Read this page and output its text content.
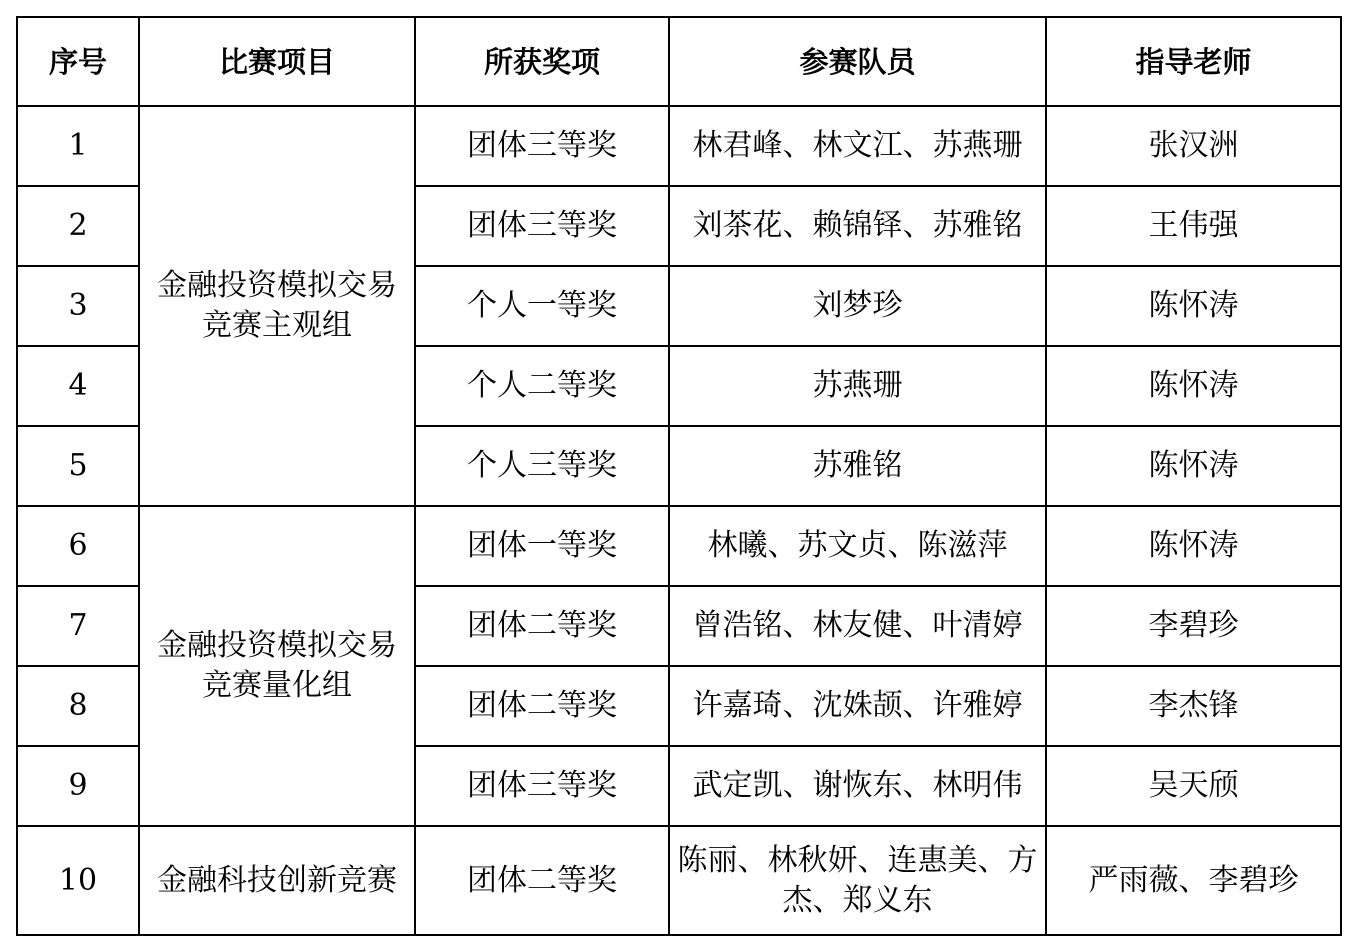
序号	比赛项目	所获奖项	参赛队员	指导老师
1	金融投资模拟交易竞赛主观组	团体三等奖	林君峰、林文江、苏燕珊	张汉洲
2		团体三等奖	刘茶花、赖锦铎、苏雅铭	王伟强
3		个人一等奖	刘梦珍	陈怀涛
4		个人二等奖	苏燕珊	陈怀涛
5		个人三等奖	苏雅铭	陈怀涛
6	金融投资模拟交易竞赛量化组	团体一等奖	林曦、苏文贞、陈滋萍	陈怀涛
7		团体二等奖	曾浩铭、林友健、叶清婷	李碧珍
8		团体二等奖	许嘉琦、沈姝颉、许雅婷	李杰锋
9		团体三等奖	武定凯、谢恢东、林明伟	吴天颀
10	金融科技创新竞赛	团体二等奖	陈丽、林秋妍、连惠美、方杰、郑义东	严雨薇、李碧珍
